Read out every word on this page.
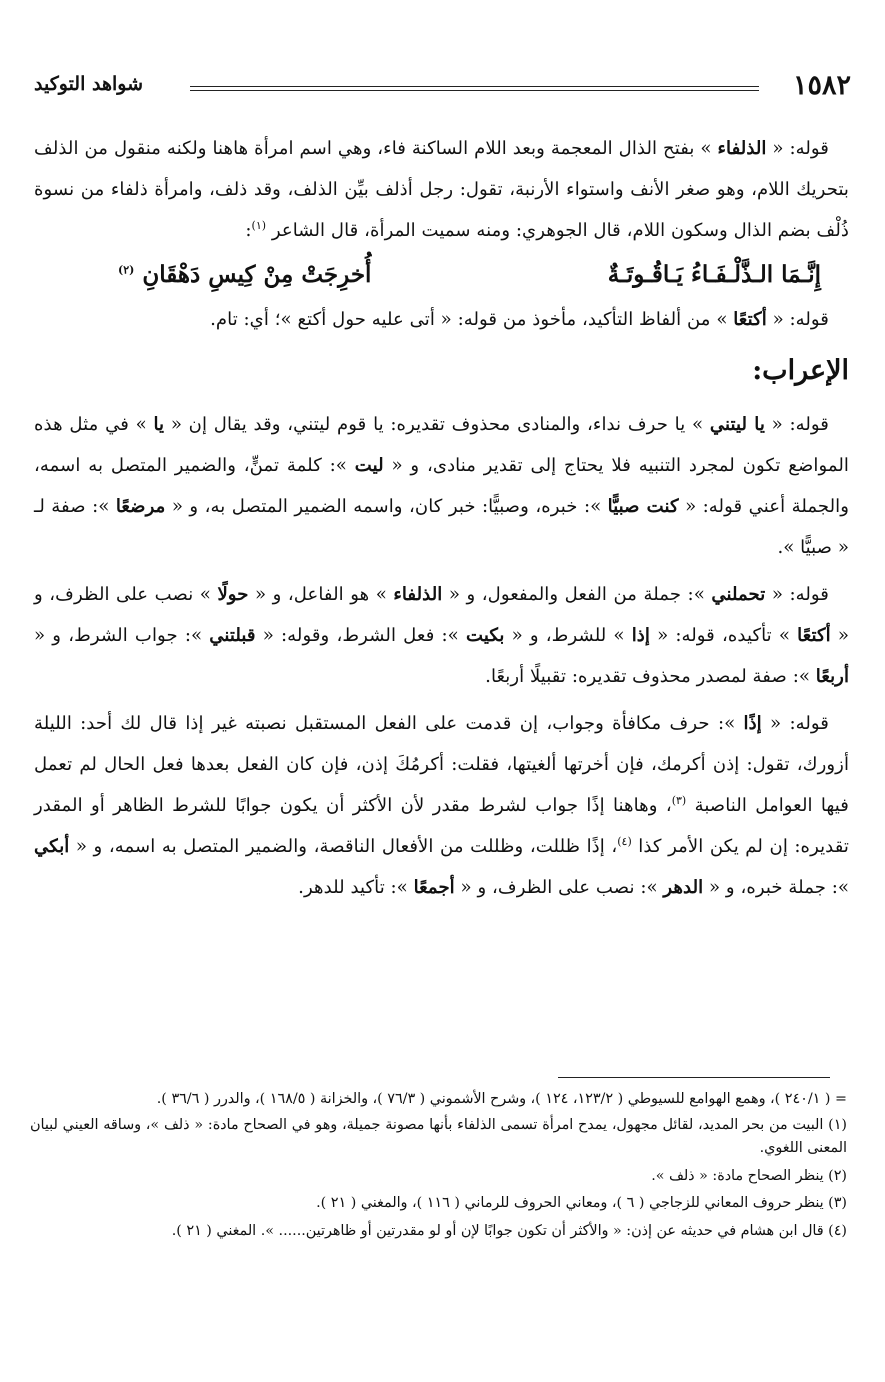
١٥٨٢
شواهد التوكيد

قوله: « الذلفاء » بفتح الذال المعجمة وبعد اللام الساكنة فاء، وهي اسم امرأة هاهنا ولكنه منقول من الذلف بتحريك اللام، وهو صغر الأنف واستواء الأرنبة، تقول: رجل أذلف بيِّن الذلف، وقد ذلف، وامرأة ذلفاء من نسوة ذُلْف بضم الذال وسكون اللام، قال الجوهري: ومنه سميت المرأة، قال الشاعر $^{(١)}$:

إِنَّـمَا الـذَّلْـفَـاءُ يَـاقُـوتَـةٌ
أُخرِجَتْ مِنْ كِيسِ دَهْقَانِ $^{(٢)}$

قوله: « أكتعًا » من ألفاظ التأكيد، مأخوذ من قوله: « أتى عليه حول أكتع »؛ أي: تام.

الإعراب:

قوله: « يا ليتني » يا حرف نداء، والمنادى محذوف تقديره: يا قوم ليتني، وقد يقال إن « يا » في مثل هذه المواضع تكون لمجرد التنبيه فلا يحتاج إلى تقدير منادى، و « ليت »: كلمة تمنٍّ، والضمير المتصل به اسمه، والجملة أعني قوله: « كنت صبيًّا »: خبره، وصبيًّا: خبر كان، واسمه الضمير المتصل به، و « مرضعًا »: صفة لـ « صبيًّا ».

قوله: « تحملني »: جملة من الفعل والمفعول، و « الذلفاء » هو الفاعل، و « حولًا » نصب على الظرف، و « أكتعًا » تأكيده، قوله: « إذا » للشرط، و « بكيت »: فعل الشرط، وقوله: « قبلتني »: جواب الشرط، و « أربعًا »: صفة لمصدر محذوف تقديره: تقبيلًا أربعًا.

قوله: « إذًا »: حرف مكافأة وجواب، إن قدمت على الفعل المستقبل نصبته غير إذا قال لك أحد: الليلة أزورك، تقول: إذن أكرمك، فإن أخرتها ألغيتها، فقلت: أكرمُكَ إذن، فإن كان الفعل بعدها فعل الحال لم تعمل فيها العوامل الناصبة $^{(٣)}$، وهاهنا إذًا جواب لشرط مقدر لأن الأكثر أن يكون جوابًا للشرط الظاهر أو المقدر تقديره: إن لم يكن الأمر كذا $^{(٤)}$، إذًا ظللت، وظللت من الأفعال الناقصة، والضمير المتصل به اسمه، و « أبكي »: جملة خبره، و « الدهر »: نصب على الظرف، و « أجمعًا »: تأكيد للدهر.

= ( ٢٤٠/١ )، وهمع الهوامع للسيوطي ( ١٢٣/٢، ١٢٤ )، وشرح الأشموني ( ٧٦/٣ )، والخزانة ( ١٦٨/٥ )، والدرر ( ٣٦/٦ ).

(١) البيت من بحر المديد، لقائل مجهول، يمدح امرأة تسمى الذلفاء بأنها مصونة جميلة، وهو في الصحاح مادة: « ذلف »، وساقه العيني لبيان المعنى اللغوي.

(٢) ينظر الصحاح مادة: « ذلف ».

(٣) ينظر حروف المعاني للزجاجي ( ٦ )، ومعاني الحروف للرماني ( ١١٦ )، والمغني ( ٢١ ).

(٤) قال ابن هشام في حديثه عن إذن: « والأكثر أن تكون جوابًا لإن أو لو مقدرتين أو ظاهرتين...... ». المغني ( ٢١ ).
